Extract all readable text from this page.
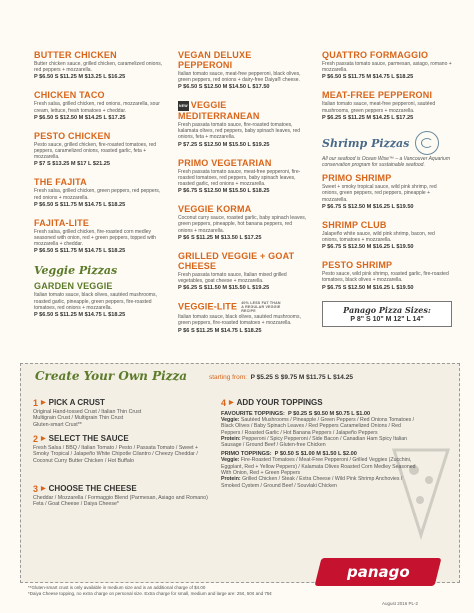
BUTTER CHICKEN
Butter chicken sauce, grilled chicken, caramelized onions, red peppers + mozzarella.
P $6.50 S $11.25 M $13.25 L $16.25
CHICKEN TACO
Fresh salsa, grilled chicken, red onions, mozzarella, sour cream, lettuce, fresh tomatoes + cheddar.
P $6.50 S $12.50 M $14.25 L $17.25
PESTO CHICKEN
Pesto sauce, grilled chicken, fire-roasted tomatoes, red peppers, caramelized onions, roasted garlic, feta + mozzarella.
P $7 S $13.25 M $17 L $21.25
THE FAJITA
Fresh salsa, grilled chicken, green peppers, red peppers, red onions + mozzarella.
P $6.50 S $11.75 M $14.75 L $18.25
FAJITA-LITE
Fresh salsa, grilled chicken, fire-roasted corn medley seasoned with onion, red + green peppers, topped with mozzarella + cheddar.
P $6.50 S $11.75 M $14.75 L $18.25
Veggie Pizzas
GARDEN VEGGIE
Italian tomato sauce, black olives, sautéed mushrooms, roasted garlic, pineapple, green peppers, fire-roasted tomatoes, red onions + mozzarella.
P $6.50 S $11.25 M $14.75 L $18.25
VEGAN DELUXE PEPPERONI
Italian tomato sauce, meat-free pepperoni, black olives, green peppers, red onions + dairy-free Daiya® cheese.
P $6.50 S $12.50 M $14.50 L $17.50
NEW VEGGIE MEDITERRANEAN
Fresh passata tomato sauce, fire-roasted tomatoes, kalamata olives, red peppers, baby spinach leaves, red onions, feta + mozzarella.
P $7.25 S $12.50 M $15.50 L $19.25
PRIMO VEGETARIAN
Fresh passata tomato sauce, meat-free pepperoni, fire-roasted tomatoes, red peppers, baby spinach leaves, roasted garlic, red onions + mozzarella.
P $6.75 S $12.50 M $15.50 L $18.25
VEGGIE KORMA
Coconut curry sauce, roasted garlic, baby spinach leaves, green peppers, pineapple, hot banana peppers, red onions + mozzarella.
P $6 S $11.25 M $13.50 L $17.25
GRILLED VEGGIE + GOAT CHEESE
Fresh passata tomato sauce, Italian mixed grilled vegetables, goat cheese + mozzarella.
P $6.25 S $11.50 M $15.50 L $19.25
VEGGIE-LITE 40% LESS FAT THAN A REGULAR VEGGIE RECIPE
Italian tomato sauce, black olives, sautéed mushrooms, green peppers, fire-roasted tomatoes + mozzarella.
P $6 S $11.25 M $14.75 L $18.25
QUATTRO FORMAGGIO
Fresh passata tomato sauce, parmesan, asiago, romano + mozzarella.
P $6.50 S $11.75 M $14.75 L $18.25
MEAT-FREE PEPPERONI
Italian tomato sauce, meat-free pepperoni, sautéed mushrooms, green peppers + mozzarella.
P $6.25 S $11.25 M $14.25 L $17.25
Shrimp Pizzas
All our seafood is Ocean Wise™ – a Vancouver Aquarium conservation program for sustainable seafood.
PRIMO SHRIMP
Sweet + smoky tropical sauce, wild pink shrimp, red onions, green peppers, red peppers, pineapple + mozzarella.
P $6.75 S $12.50 M $16.25 L $19.50
SHRIMP CLUB
Jalapeño white sauce, wild pink shrimp, bacon, red onions, tomatoes + mozzarella.
P $6.75 S $12.50 M $16.25 L $19.50
PESTO SHRIMP
Pesto sauce, wild pink shrimp, roasted garlic, fire-roasted tomatoes, black olives + mozzarella.
P $6.75 S $12.50 M $16.25 L $19.50
Panago Pizza Sizes:
P 8" S 10" M 12" L 14"
Create Your Own Pizza	starting from: P $5.25 S $9.75 M $11.75 L $14.25
1 ▶ PICK A CRUST
Original Hand-tossed Crust / Italian Thin Crust
Multigrain Crust / Multigrain Thin Crust
Gluten-smart Crust**
2 ▶ SELECT THE SAUCE
Fresh Salsa / BBQ / Italian Tomato / Pesto / Passata Tomato / Sweet + Smoky Tropical / Jalapeño White Chipotle Cilantro / Cheezy Cheddar / Coconut Curry Butter Chicken / Hot Buffalo
3 ▶ CHOOSE THE CHEESE
Cheddar / Mozzarella / Formaggio Blend (Parmesan, Asiago and Romano) Feta / Goat Cheese / Daiya Cheese*
4 ▶ ADD YOUR TOPPINGS
FAVOURITE TOPPINGS: P $0.25 S $0.50 M $0.75 L $1.00
Veggie: Sautéed Mushrooms / Pineapple / Green Peppers / Red Onions Tomatoes / Black Olives / Baby Spinach Leaves / Red Peppers Caramelized Onions / Red Peppers / Roasted Garlic / Hot Banana Peppers / Jalapeño Peppers
Protein: Pepperoni / Spicy Pepperoni / Side Bacon / Canadian Ham Spicy Italian Sausage / Ground Beef / Gluten-free Chicken
PRIMO TOPPINGS: P $0.50 S $1.00 M $1.50 L $2.00
Veggie: Fire-Roasted Tomatoes / Meat-Free Pepperoni / Grilled Veggies (Zucchini, Eggplant, Red + Yellow Peppers) / Kalamata Olives Roasted Corn Medley Seasoned With Onion, Red + Green Peppers
Protein: Grilled Chicken / Steak / Extra Cheese / Wild Pink Shrimp Anchovies / Smoked Cystem / Ground Beef / Souvlaki Chicken
panago
**Gluten-smart crust is only available in medium size and is an additional charge of $4.00
*Daiya Cheese topping, no extra charge on personal size. Extra charge for small, medium and large are: 25¢, 50¢ and 75¢
August 2016 PL-2
